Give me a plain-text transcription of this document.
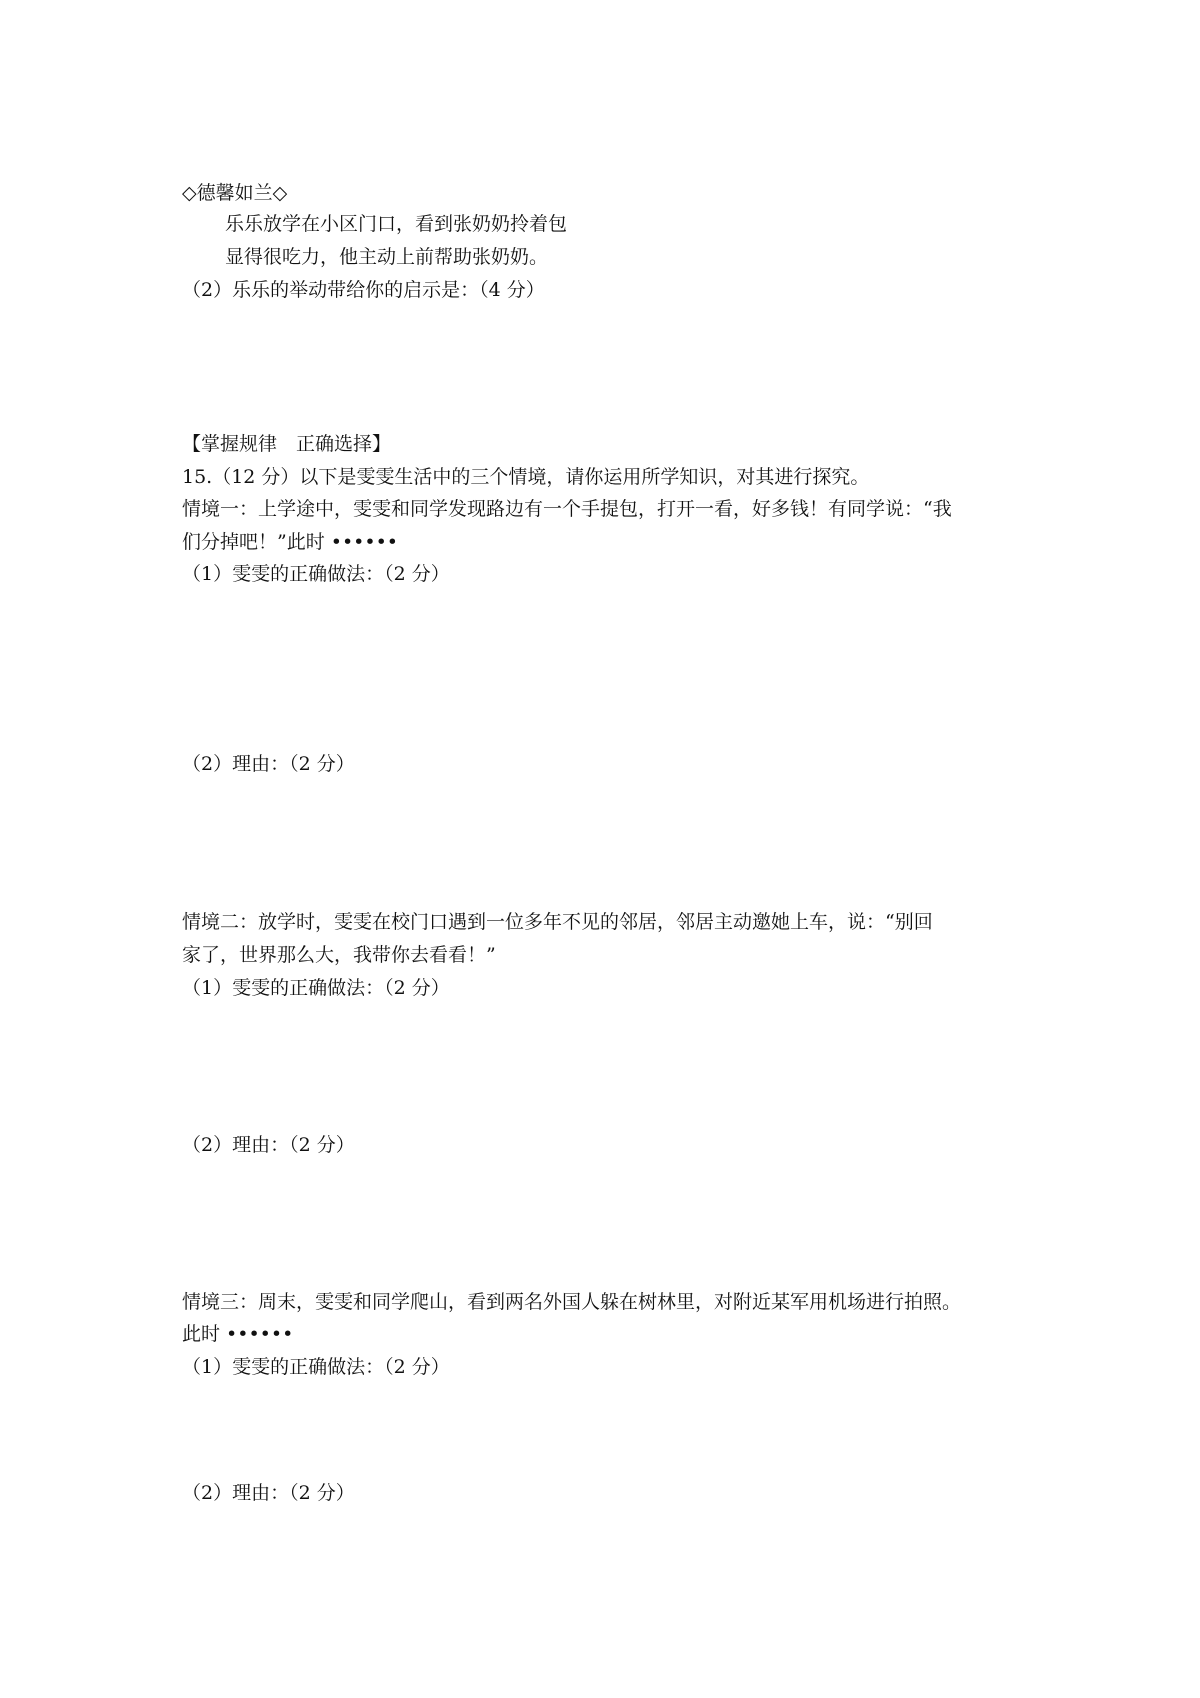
◇德馨如兰◇
乐乐放学在小区门口，看到张奶奶拎着包
显得很吃力，他主动上前帮助张奶奶。
（2）乐乐的举动带给你的启示是：（4 分）
【掌握规律　正确选择】
15.（12 分）以下是雯雯生活中的三个情境，请你运用所学知识，对其进行探究。
情境一：上学途中，雯雯和同学发现路边有一个手提包，打开一看，好多钱！有同学说：“我
们分掉吧！”此时 ••••••
（1）雯雯的正确做法：（2 分）
（2）理由：（2 分）
情境二：放学时，雯雯在校门口遇到一位多年不见的邻居，邻居主动邀她上车，说：“别回
家了，世界那么大，我带你去看看！”
（1）雯雯的正确做法：（2 分）
（2）理由：（2 分）
情境三：周末，雯雯和同学爬山，看到两名外国人躲在树林里，对附近某军用机场进行拍照。
此时 ••••••
（1）雯雯的正确做法：（2 分）
（2）理由：（2 分）
